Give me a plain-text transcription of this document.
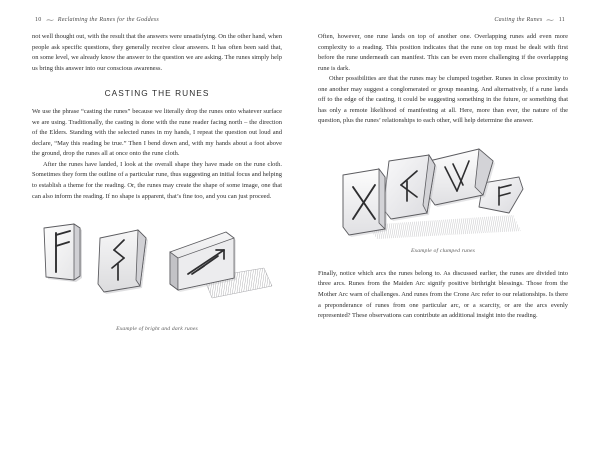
10 ⁓ Reclaiming the Runes for the Goddess

not well thought out, with the result that the answers were unsatisfying. On the other hand, when people ask specific questions, they generally receive clear answers. It has often been said that, on some level, we already know the answer to the question we are asking. The runes simply help us bring this answer into our conscious awareness.

CASTING THE RUNES

We use the phrase “casting the runes” because we literally drop the runes onto whatever surface we are using. Traditionally, the casting is done with the rune reader facing north – the direction of the Elders. Standing with the selected runes in my hands, I repeat the question out loud and declare, “May this reading be true.” Then I bend down and, with my hands about a foot above the ground, drop the runes all at once onto the rune cloth.

After the runes have landed, I look at the overall shape they have made on the rune cloth. Sometimes they form the outline of a particular rune, thus suggesting an initial focus and helping to establish a theme for the reading. Or, the runes may create the shape of some image, one that can also inform the reading. If no shape is apparent, that’s fine too, and you can just proceed.

Example of bright and dark runes
Casting the Runes ⁓ 11

Often, however, one rune lands on top of another one. Overlapping runes add even more complexity to a reading. This position indicates that the rune on top must be dealt with first before the rune underneath can manifest. This can be even more challenging if the overlapping rune is dark.

Other possibilities are that the runes may be clumped together. Runes in close proximity to one another may suggest a conglomerated or group meaning. And alternatively, if a rune lands off to the edge of the casting, it could be suggesting something in the future, or something that has only a remote likelihood of manifesting at all. Here, more than ever, the nature of the question, plus the runes’ relationships to each other, will help determine the answer.

Example of clumped runes

Finally, notice which arcs the runes belong to. As discussed earlier, the runes are divided into three arcs. Runes from the Maiden Arc signify positive birthright blessings. Those from the Mother Arc warn of challenges. And runes from the Crone Arc refer to our relationships. Is there a preponderance of runes from one particular arc, or a scarcity, or are the arcs evenly represented? These observations can contribute an additional insight into the reading.
